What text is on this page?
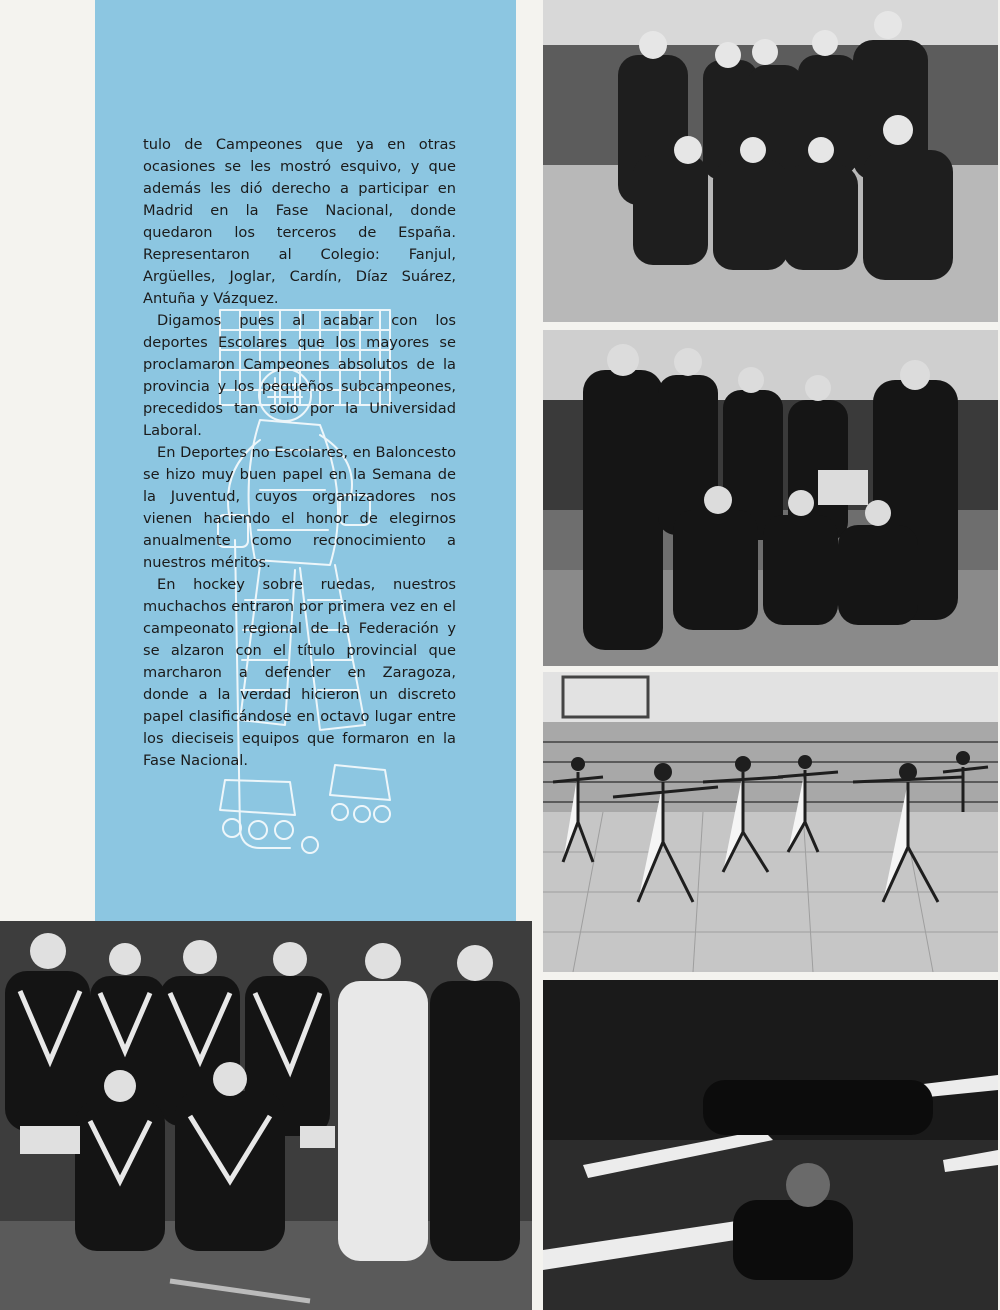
tulo de Campeones que ya en otras ocasiones se les mostró esquivo, y que además les dió derecho a participar en Madrid en la Fase Nacional, donde quedaron los terceros de España. Representaron al Colegio: Fanjul, Argüelles, Joglar, Cardín, Díaz Suárez, Antuña y Vázquez.

Digamos pues al acabar con los deportes Escolares que los mayores se proclamaron Campeones absolutos de la provincia y los pequeños subcampeones, precedidos tan solo por la Universidad Laboral.

En Deportes no Escolares, en Baloncesto se hizo muy buen papel en la Semana de la Juventud, cuyos organizadores nos vienen haciendo el honor de elegirnos anualmente como reconocimiento a nuestros méritos.

En hockey sobre ruedas, nuestros muchachos entraron por primera vez en el campeonato regional de la Federación y se alzaron con el título provincial que marcharon a defender en Zaragoza, donde a la verdad hicieron un discreto papel clasificándose en octavo lugar entre los dieciseis equipos que formaron en la Fase Nacional.
